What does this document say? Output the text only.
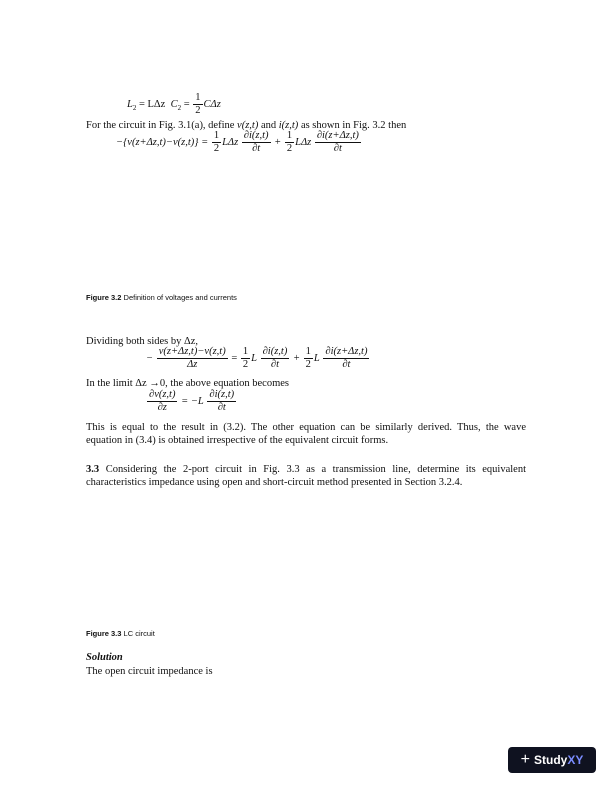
$L_2 = L\Delta z$ $C_2 = \frac{1}{2}$ CΔz
For the circuit in Fig. 3.1(a), define v(z,t) and i(z,t) as shown in Fig. 3.2 then
$-\{v(z+\Delta z,t)-v(z,t)\} = \frac{1}{2}$ LΔz $\frac{\partial i(z,t)}{\partial t} + \frac{1}{2}$ LΔz $\frac{\partial i(z+\Delta z,t)}{\partial t}$
Figure 3.2 Definition of voltages and currents
Dividing both sides by Δz,
− $\frac{v(z+\Delta z,t)-v(z,t)}{\Delta z} = \frac{1}{2}$ L $\frac{\partial i(z,t)}{\partial t} + \frac{1}{2}$ L $\frac{\partial i(z+\Delta z,t)}{\partial t}$
In the limit Δz →0, the above equation becomes
$\frac{\partial v(z,t)}{\partial z} = -L \frac{\partial i(z,t)}{\partial t}$
This is equal to the result in (3.2). The other equation can be similarly derived. Thus, the wave
equation in (3.4) is obtained irrespective of the equivalent circuit forms.
3.3 Considering the 2-port circuit in Fig. 3.3 as a transmission line, determine its equivalent
characteristics impedance using open and short-circuit method presented in Section 3.2.4.
Figure 3.3 LC circuit
Solution
The open circuit impedance is
+ Study XY
